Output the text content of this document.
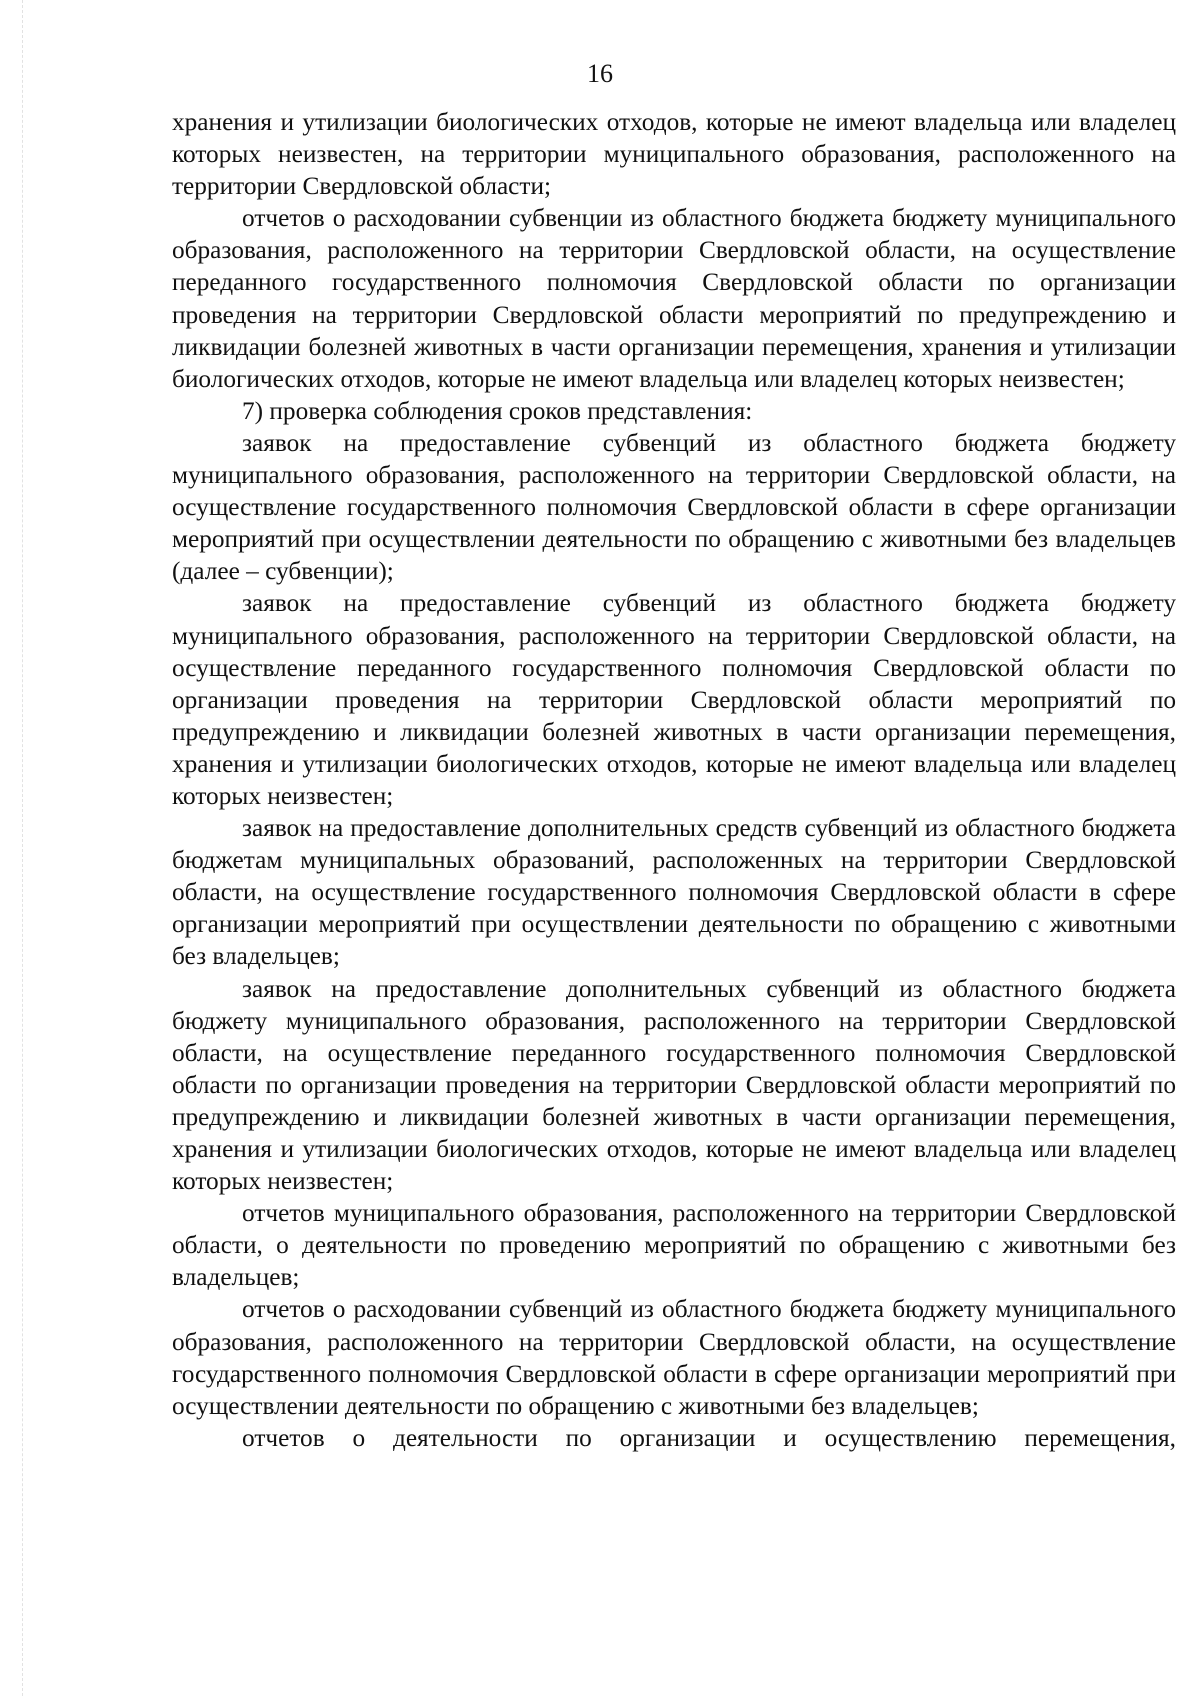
16

хранения и утилизации биологических отходов, которые не имеют владельца или владелец которых неизвестен, на территории муниципального образования, расположенного на территории Свердловской области;

отчетов о расходовании субвенции из областного бюджета бюджету муниципального образования, расположенного на территории Свердловской области, на осуществление переданного государственного полномочия Свердловской области по организации проведения на территории Свердловской области мероприятий по предупреждению и ликвидации болезней животных в части организации перемещения, хранения и утилизации биологических отходов, которые не имеют владельца или владелец которых неизвестен;

7) проверка соблюдения сроков представления:

заявок на предоставление субвенций из областного бюджета бюджету муниципального образования, расположенного на территории Свердловской области, на осуществление государственного полномочия Свердловской области в сфере организации мероприятий при осуществлении деятельности по обращению с животными без владельцев (далее – субвенции);

заявок на предоставление субвенций из областного бюджета бюджету муниципального образования, расположенного на территории Свердловской области, на осуществление переданного государственного полномочия Свердловской области по организации проведения на территории Свердловской области мероприятий по предупреждению и ликвидации болезней животных в части организации перемещения, хранения и утилизации биологических отходов, которые не имеют владельца или владелец которых неизвестен;

заявок на предоставление дополнительных средств субвенций из областного бюджета бюджетам муниципальных образований, расположенных на территории Свердловской области, на осуществление государственного полномочия Свердловской области в сфере организации мероприятий при осуществлении деятельности по обращению с животными без владельцев;

заявок на предоставление дополнительных субвенций из областного бюджета бюджету муниципального образования, расположенного на территории Свердловской области, на осуществление переданного государственного полномочия Свердловской области по организации проведения на территории Свердловской области мероприятий по предупреждению и ликвидации болезней животных в части организации перемещения, хранения и утилизации биологических отходов, которые не имеют владельца или владелец которых неизвестен;

отчетов муниципального образования, расположенного на территории Свердловской области, о деятельности по проведению мероприятий по обращению с животными без владельцев;

отчетов о расходовании субвенций из областного бюджета бюджету муниципального образования, расположенного на территории Свердловской области, на осуществление государственного полномочия Свердловской области в сфере организации мероприятий при осуществлении деятельности по обращению с животными без владельцев;

отчетов о деятельности по организации и осуществлению перемещения,
